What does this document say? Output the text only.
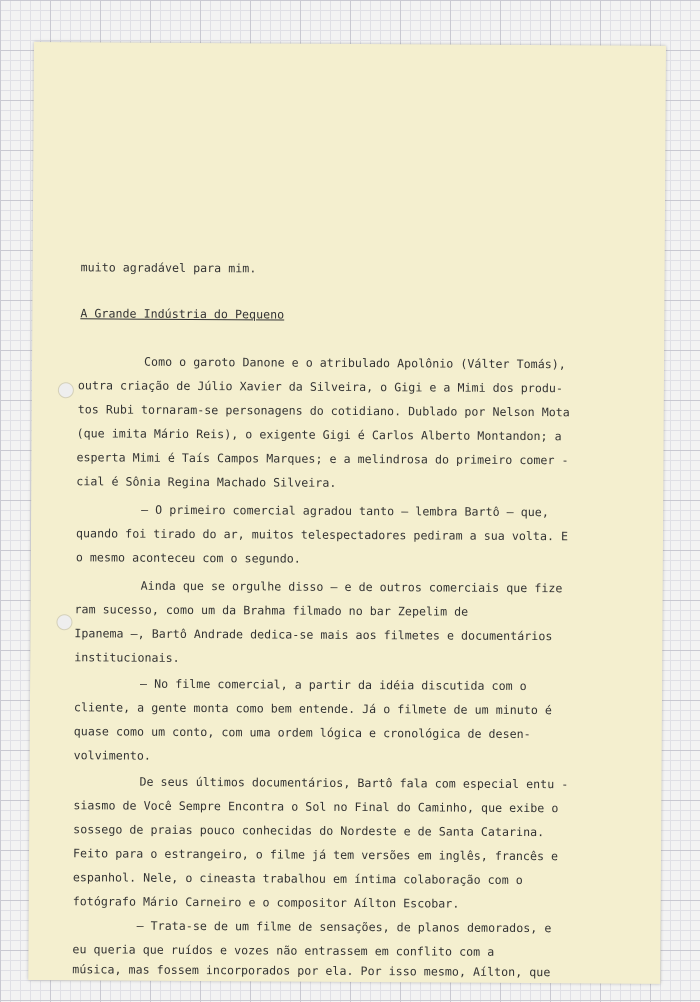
muito agradável para mim.
A Grande Indústria do Pequeno
Como o garoto Danone e o atribulado Apolônio (Válter Tomás),
outra criação de Júlio Xavier da Silveira, o Gigi e a Mimi dos produ-
tos Rubi tornaram-se personagens do cotidiano. Dublado por Nelson Mota
(que imita Mário Reis), o exigente Gigi é Carlos Alberto Montandon; a
esperta Mimi é Taís Campos Marques; e a melindrosa do primeiro comer -
cial é Sônia Regina Machado Silveira.
— O primeiro comercial agradou tanto — lembra Bartô — que,
quando foi tirado do ar, muitos telespectadores pediram a sua volta. E
o mesmo aconteceu com o segundo.
Ainda que se orgulhe disso — e de outros comerciais que fize
ram sucesso, como um da Brahma filmado no bar Zepelim de
Ipanema —, Bartô Andrade dedica-se mais aos filmetes e documentários
institucionais.
— No filme comercial, a partir da idéia discutida com o
cliente, a gente monta como bem entende. Já o filmete de um minuto é
quase como um conto, com uma ordem lógica e cronológica de desen-
volvimento.
De seus últimos documentários, Bartô fala com especial entu -
siasmo de Você Sempre Encontra o Sol no Final do Caminho, que exibe o
sossego de praias pouco conhecidas do Nordeste e de Santa Catarina.
Feito para o estrangeiro, o filme já tem versões em inglês, francês e
espanhol. Nele, o cineasta trabalhou em íntima colaboração com o
fotógrafo Mário Carneiro e o compositor Aílton Escobar.
— Trata-se de um filme de sensações, de planos demorados, e
eu queria que ruídos e vozes não entrassem em conflito com a
música, mas fossem incorporados por ela. Por isso mesmo, Aílton, que
